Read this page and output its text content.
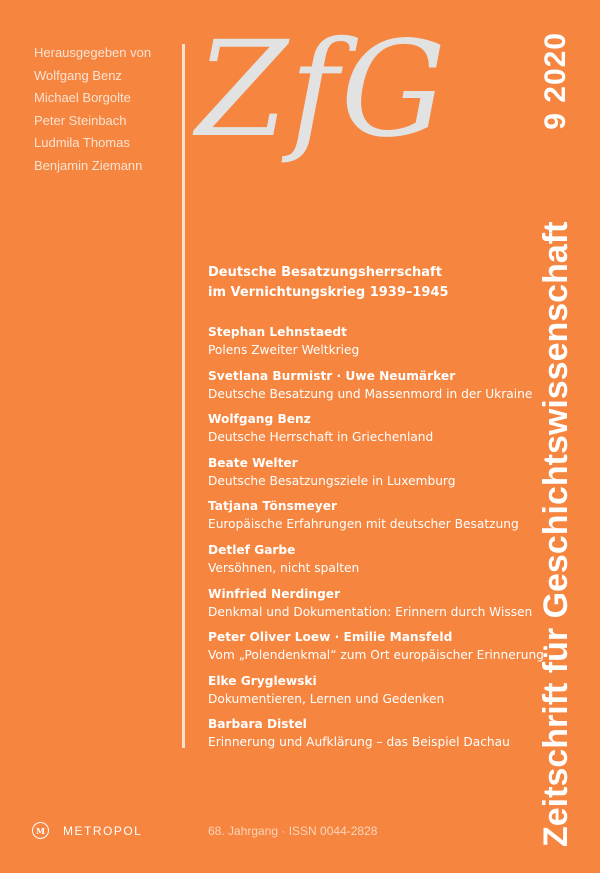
Herausgegeben von
Wolfgang Benz
Michael Borgolte
Peter Steinbach
Ludmila Thomas
Benjamin Ziemann ZfG
Zeitschrift für Geschichtswissenschaft
9 2020
Deutsche Besatzungsherrschaft
im Vernichtungskrieg 1939–1945
Stephan Lehnstaedt
Polens Zweiter Weltkrieg
Svetlana Burmistr · Uwe Neumärker
Deutsche Besatzung und Massenmord in der Ukraine
Wolfgang Benz
Deutsche Herrschaft in Griechenland
Beate Welter
Deutsche Besatzungsziele in Luxemburg
Tatjana Tönsmeyer
Europäische Erfahrungen mit deutscher Besatzung
Detlef Garbe
Versöhnen, nicht spalten
Winfried Nerdinger
Denkmal und Dokumentation: Erinnern durch Wissen
Peter Oliver Loew · Emilie Mansfeld
Vom „Polendenkmal“ zum Ort europäischer Erinnerung
Elke Gryglewski
Dokumentieren, Lernen und Gedenken
Barbara Distel
Erinnerung und Aufklärung – das Beispiel Dachau
M	METROPOL	68. Jahrgang · ISSN 0044-2828
